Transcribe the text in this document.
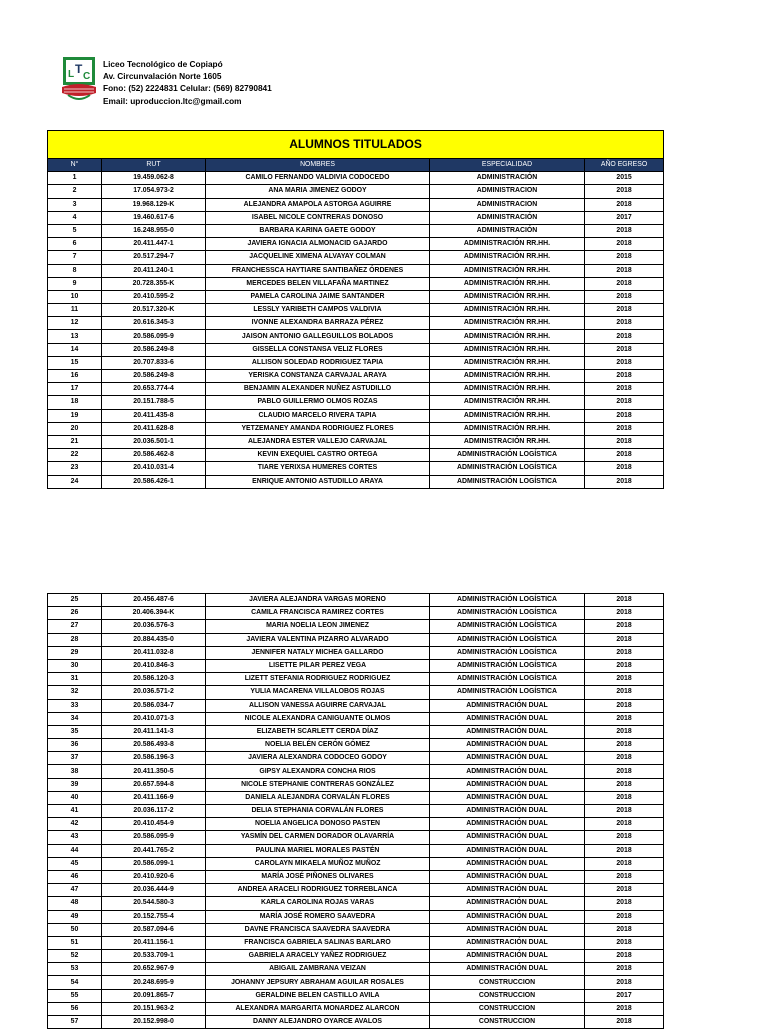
L T
C
Liceo Tecnológico de Copiapó
Av. Circunvalación Norte 1605
Fono: (52) 2224831 Celular: (569) 82790841
Email: uproduccion.ltc@gmail.com
ALUMNOS TITULADOS				
N°	RUT	NOMBRES	ESPECIALIDAD	AÑO EGRESO
1	19.459.062-8	CAMILO FERNANDO VALDIVIA CODOCEDO	ADMINISTRACIÓN	2015
2	17.054.973-2	ANA MARIA JIMENEZ GODOY	ADMINISTRACION	2018
3	19.968.129-K	ALEJANDRA AMAPOLA ASTORGA AGUIRRE	ADMINISTRACION	2018
4	19.460.617-6	ISABEL NICOLE CONTRERAS DONOSO	ADMINISTRACIÓN	2017
5	16.248.955-0	BARBARA KARINA GAETE GODOY	ADMINISTRACIÓN	2018
6	20.411.447-1	JAVIERA IGNACIA ALMONACID GAJARDO	ADMINISTRACIÓN RR.HH.	2018
7	20.517.294-7	JACQUELINE XIMENA ALVAYAY COLMAN	ADMINISTRACIÓN RR.HH.	2018
8	20.411.240-1	FRANCHESSCA HAYTIARE SANTIBAÑEZ ÓRDENES	ADMINISTRACIÓN RR.HH.	2018
9	20.728.355-K	MERCEDES BELEN VILLAFAÑA MARTINEZ	ADMINISTRACIÓN RR.HH.	2018
10	20.410.595-2	PAMELA CAROLINA JAIME SANTANDER	ADMINISTRACIÓN RR.HH.	2018
11	20.517.320-K	LESSLY YARIBETH CAMPOS VALDIVIA	ADMINISTRACIÓN RR.HH.	2018
12	20.616.345-3	IVONNE ALEXANDRA BARRAZA PÉREZ	ADMINISTRACIÓN RR.HH.	2018
13	20.586.095-9	JAISON ANTONIO GALLEGUILLOS BOLADOS	ADMINISTRACIÓN RR.HH.	2018
14	20.586.249-8	GISSELLA CONSTANSA VELIZ FLORES	ADMINISTRACIÓN RR.HH.	2018
15	20.707.833-6	ALLISON SOLEDAD RODRIGUEZ TAPIA	ADMINISTRACIÓN RR.HH.	2018
16	20.586.249-8	YERISKA CONSTANZA CARVAJAL ARAYA	ADMINISTRACIÓN RR.HH.	2018
17	20.653.774-4	BENJAMIN ALEXANDER NUÑEZ ASTUDILLO	ADMINISTRACIÓN RR.HH.	2018
18	20.151.788-5	PABLO GUILLERMO OLMOS ROZAS	ADMINISTRACIÓN RR.HH.	2018
19	20.411.435-8	CLAUDIO MARCELO RIVERA TAPIA	ADMINISTRACIÓN RR.HH.	2018
20	20.411.628-8	YETZEMANEY AMANDA RODRIGUEZ FLORES	ADMINISTRACIÓN RR.HH.	2018
21	20.036.501-1	ALEJANDRA ESTER VALLEJO CARVAJAL	ADMINISTRACIÓN RR.HH.	2018
22	20.586.462-8	KEVIN EXEQUIEL CASTRO ORTEGA	ADMINISTRACIÓN LOGÍSTICA	2018
23	20.410.031-4	TIARE YERIXSA HUMERES CORTES	ADMINISTRACIÓN LOGÍSTICA	2018
24	20.586.426-1	ENRIQUE ANTONIO ASTUDILLO ARAYA	ADMINISTRACIÓN LOGÍSTICA	2018
25	20.456.487-6	JAVIERA ALEJANDRA VARGAS MORENO	ADMINISTRACIÓN LOGÍSTICA	2018
26	20.406.394-K	CAMILA FRANCISCA RAMIREZ CORTES	ADMINISTRACIÓN LOGÍSTICA	2018
27	20.036.576-3	MARIA NOELIA LEON JIMENEZ	ADMINISTRACIÓN LOGÍSTICA	2018
28	20.884.435-0	JAVIERA VALENTINA PIZARRO ALVARADO	ADMINISTRACIÓN LOGÍSTICA	2018
29	20.411.032-8	JENNIFER NATALY MICHEA GALLARDO	ADMINISTRACIÓN LOGÍSTICA	2018
30	20.410.846-3	LISETTE PILAR PEREZ VEGA	ADMINISTRACIÓN LOGÍSTICA	2018
31	20.586.120-3	LIZETT STEFANIA RODRIGUEZ RODRIGUEZ	ADMINISTRACIÓN LOGÍSTICA	2018
32	20.036.571-2	YULIA MACARENA VILLALOBOS ROJAS	ADMINISTRACIÓN LOGÍSTICA	2018
33	20.586.034-7	ALLISON VANESSA AGUIRRE CARVAJAL	ADMINISTRACIÓN DUAL	2018
34	20.410.071-3	NICOLE ALEXANDRA CANIGUANTE OLMOS	ADMINISTRACIÓN DUAL	2018
35	20.411.141-3	ELIZABETH SCARLETT CERDA DÍAZ	ADMINISTRACIÓN DUAL	2018
36	20.586.493-8	NOELIA BELÉN CERÓN GÓMEZ	ADMINISTRACIÓN DUAL	2018
37	20.586.196-3	JAVIERA ALEXANDRA CODOCEO GODOY	ADMINISTRACIÓN DUAL	2018
38	20.411.350-5	GIPSY ALEXANDRA CONCHA RIOS	ADMINISTRACIÓN DUAL	2018
39	20.657.594-8	NICOLE STEPHANIE CONTRERAS GONZÁLEZ	ADMINISTRACIÓN DUAL	2018
40	20.411.166-9	DANIELA ALEJANDRA CORVALÁN FLORES	ADMINISTRACIÓN DUAL	2018
41	20.036.117-2	DELIA STEPHANIA CORVALÁN FLORES	ADMINISTRACIÓN DUAL	2018
42	20.410.454-9	NOELIA ANGELICA DONOSO PASTEN	ADMINISTRACIÓN DUAL	2018
43	20.586.095-9	YASMÍN DEL CARMEN DORADOR OLAVARRÍA	ADMINISTRACIÓN DUAL	2018
44	20.441.765-2	PAULINA MARIEL MORALES PASTÉN	ADMINISTRACIÓN DUAL	2018
45	20.586.099-1	CAROLAYN MIKAELA MUÑOZ MUÑOZ	ADMINISTRACIÓN DUAL	2018
46	20.410.920-6	MARÍA JOSÉ PIÑONES OLIVARES	ADMINISTRACIÓN DUAL	2018
47	20.036.444-9	ANDREA ARACELI RODRIGUEZ TORREBLANCA	ADMINISTRACIÓN DUAL	2018
48	20.544.580-3	KARLA CAROLINA ROJAS VARAS	ADMINISTRACIÓN DUAL	2018
49	20.152.755-4	MARÍA JOSÉ ROMERO SAAVEDRA	ADMINISTRACIÓN DUAL	2018
50	20.587.094-6	DAVNE FRANCISCA SAAVEDRA SAAVEDRA	ADMINISTRACIÓN DUAL	2018
51	20.411.156-1	FRANCISCA GABRIELA SALINAS BARLARO	ADMINISTRACIÓN DUAL	2018
52	20.533.709-1	GABRIELA ARACELY YAÑEZ RODRIGUEZ	ADMINISTRACIÓN DUAL	2018
53	20.652.967-9	ABIGAIL ZAMBRANA VEIZAN	ADMINISTRACIÓN DUAL	2018
54	20.248.695-9	JOHANNY JEPSURY ABRAHAM AGUILAR ROSALES	CONSTRUCCION	2018
55	20.091.865-7	GERALDINE BELEN CASTILLO AVILA	CONSTRUCCION	2017
56	20.151.963-2	ALEXANDRA MARGARITA MONARDEZ ALARCON	CONSTRUCCION	2018
57	20.152.998-0	DANNY ALEJANDRO OYARCE AVALOS	CONSTRUCCION	2018
